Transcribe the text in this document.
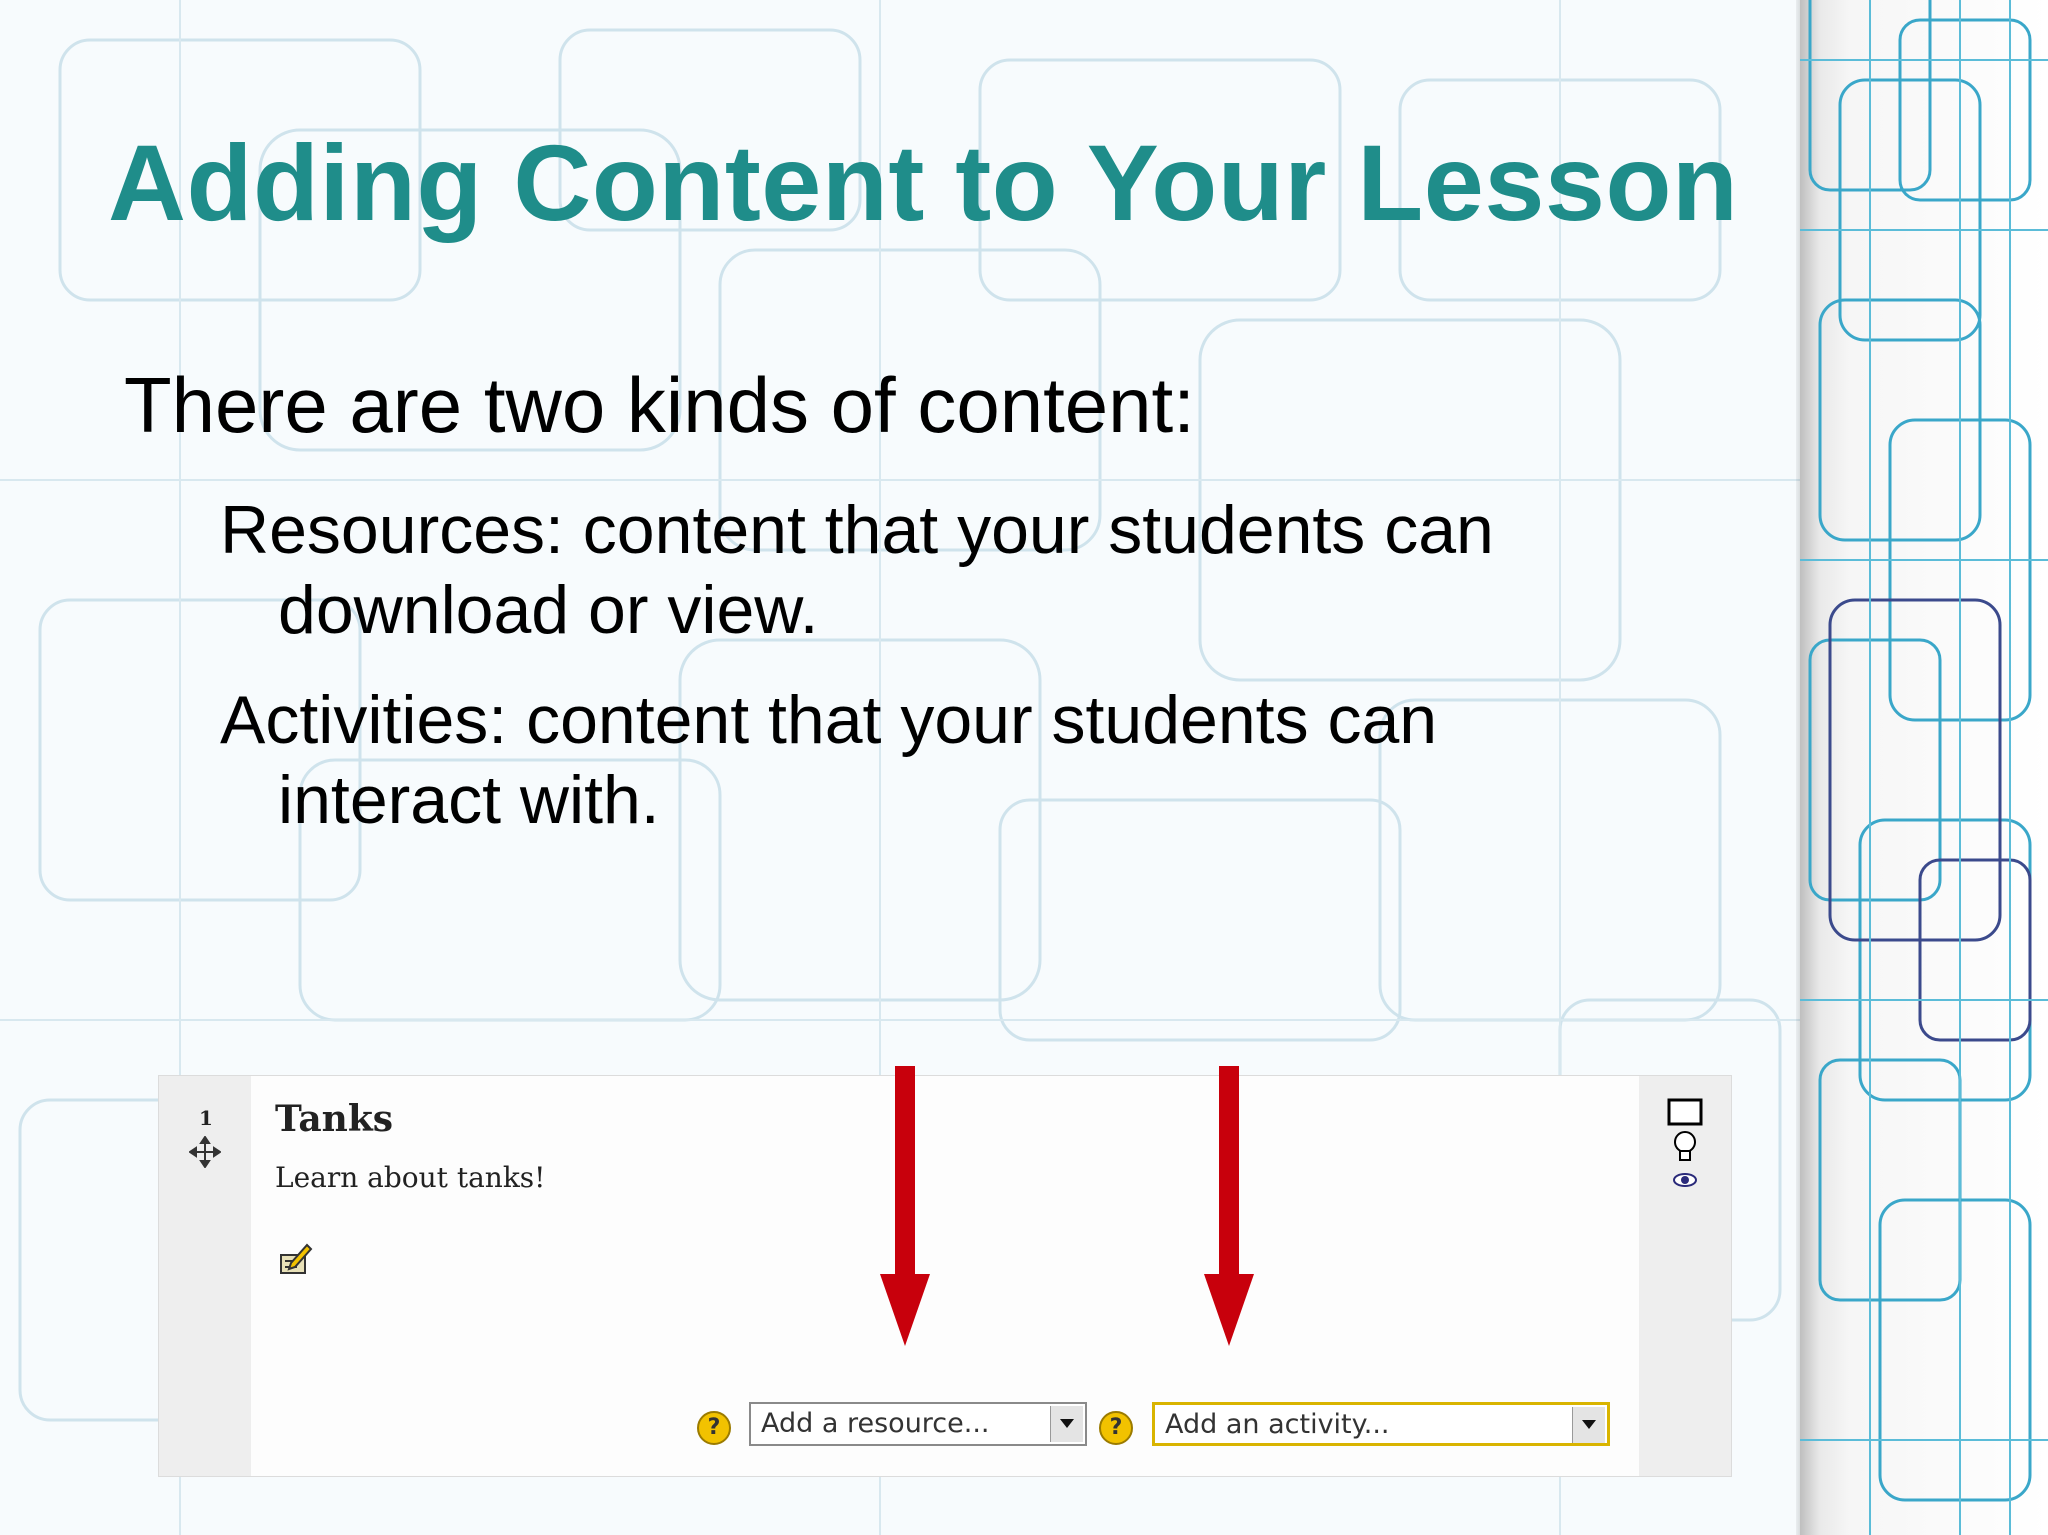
Adding Content to Your Lesson

There are two kinds of content:

Resources: content that your students can
download or view.
Activities: content that your students can
interact with.
1 Tanks
Learn about tanks!
?	Add a resource...	?	Add an activity...
